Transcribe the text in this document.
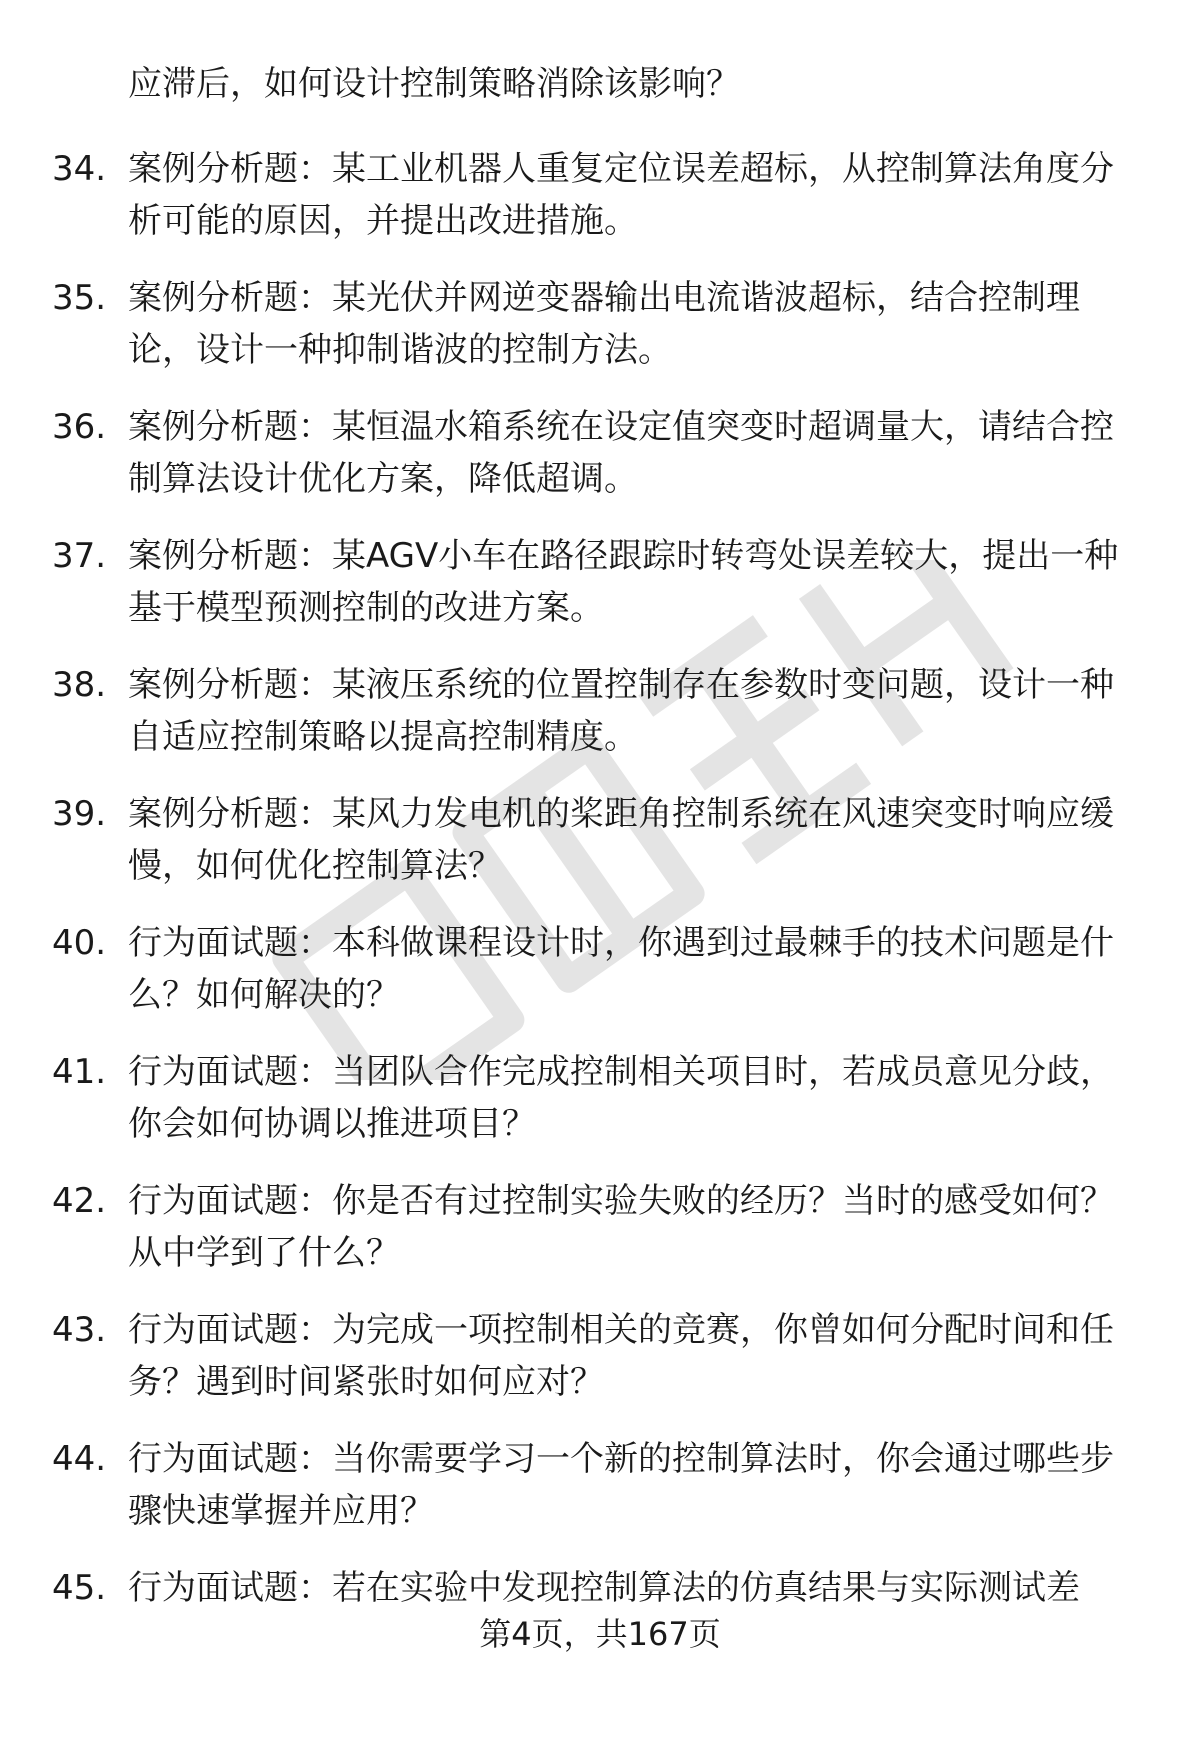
应滞后，如何设计控制策略消除该影响？

34. 案例分析题：某工业机器人重复定位误差超标，从控制算法角度分析可能的原因，并提出改进措施。

35. 案例分析题：某光伏并网逆变器输出电流谐波超标，结合控制理论，设计一种抑制谐波的控制方法。

36. 案例分析题：某恒温水箱系统在设定值突变时超调量大，请结合控制算法设计优化方案，降低超调。

37. 案例分析题：某AGV小车在路径跟踪时转弯处误差较大，提出一种基于模型预测控制的改进方案。

38. 案例分析题：某液压系统的位置控制存在参数时变问题，设计一种自适应控制策略以提高控制精度。

39. 案例分析题：某风力发电机的桨距角控制系统在风速突变时响应缓慢，如何优化控制算法？

40. 行为面试题：本科做课程设计时，你遇到过最棘手的技术问题是什么？如何解决的？

41. 行为面试题：当团队合作完成控制相关项目时，若成员意见分歧，你会如何协调以推进项目？

42. 行为面试题：你是否有过控制实验失败的经历？当时的感受如何？从中学到了什么？

43. 行为面试题：为完成一项控制相关的竞赛，你曾如何分配时间和任务？遇到时间紧张时如何应对？

44. 行为面试题：当你需要学习一个新的控制算法时，你会通过哪些步骤快速掌握并应用？

45. 行为面试题：若在实验中发现控制算法的仿真结果与实际测试差

第4页，共167页
